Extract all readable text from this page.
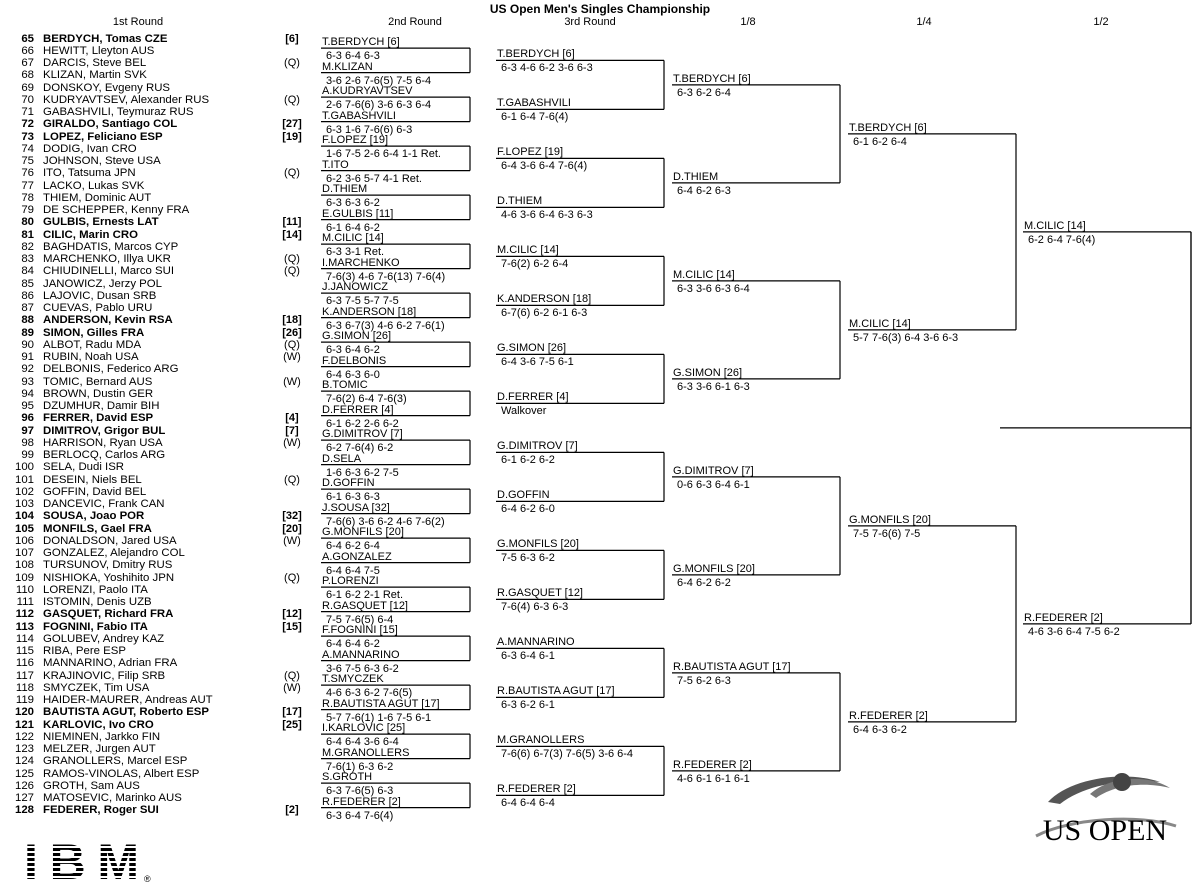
US Open Men's Singles Championship
1st Round	2nd Round	3rd Round	1/8	1/4	1/2
65 BERDYCH, Tomas CZE	[6]
66 HEWITT, Lleyton AUS
67 DARCIS, Steve BEL	(Q)
68 KLIZAN, Martin SVK
69 DONSKOY, Evgeny RUS
70 KUDRYAVTSEV, Alexander RUS	(Q)
71 GABASHVILI, Teymuraz RUS
72 GIRALDO, Santiago COL	[27]
73 LOPEZ, Feliciano ESP	[19]
74 DODIG, Ivan CRO
75 JOHNSON, Steve USA
76 ITO, Tatsuma JPN	(Q)
77 LACKO, Lukas SVK
78 THIEM, Dominic AUT
79 DE SCHEPPER, Kenny FRA
80 GULBIS, Ernests LAT	[11]
81 CILIC, Marin CRO	[14]
82 BAGHDATIS, Marcos CYP
83 MARCHENKO, Illya UKR	(Q)
84 CHIUDINELLI, Marco SUI	(Q)
85 JANOWICZ, Jerzy POL
86 LAJOVIC, Dusan SRB
87 CUEVAS, Pablo URU
88 ANDERSON, Kevin RSA	[18]
89 SIMON, Gilles FRA	[26]
90 ALBOT, Radu MDA	(Q)
91 RUBIN, Noah USA	(W)
92 DELBONIS, Federico ARG
93 TOMIC, Bernard AUS	(W)
94 BROWN, Dustin GER
95 DZUMHUR, Damir BIH
96 FERRER, David ESP	[4]
97 DIMITROV, Grigor BUL	[7]
98 HARRISON, Ryan USA	(W)
99 BERLOCQ, Carlos ARG
100 SELA, Dudi ISR
101 DESEIN, Niels BEL	(Q)
102 GOFFIN, David BEL
103 DANCEVIC, Frank CAN
104 SOUSA, Joao POR	[32]
105 MONFILS, Gael FRA	[20]
106 DONALDSON, Jared USA	(W)
107 GONZALEZ, Alejandro COL
108 TURSUNOV, Dmitry RUS
109 NISHIOKA, Yoshihito JPN	(Q)
110 LORENZI, Paolo ITA
111 ISTOMIN, Denis UZB
112 GASQUET, Richard FRA	[12]
113 FOGNINI, Fabio ITA	[15]
114 GOLUBEV, Andrey KAZ
115 RIBA, Pere ESP
116 MANNARINO, Adrian FRA
117 KRAJINOVIC, Filip SRB	(Q)
118 SMYCZEK, Tim USA	(W)
119 HAIDER-MAURER, Andreas AUT
120 BAUTISTA AGUT, Roberto ESP	[17]
121 KARLOVIC, Ivo CRO	[25]
122 NIEMINEN, Jarkko FIN
123 MELZER, Jurgen AUT
124 GRANOLLERS, Marcel ESP
125 RAMOS-VINOLAS, Albert ESP
126 GROTH, Sam AUS
127 MATOSEVIC, Marinko AUS
128 FEDERER, Roger SUI	[2]
T.BERDYCH [6]
6-3 6-4 6-3
M.KLIZAN
3-6 2-6 7-6(5) 7-5 6-4
A.KUDRYAVTSEV
2-6 7-6(6) 3-6 6-3 6-4
T.GABASHVILI
6-3 1-6 7-6(6) 6-3
F.LOPEZ [19]
1-6 7-5 2-6 6-4 1-1 Ret.
T.ITO
6-2 3-6 5-7 4-1 Ret.
D.THIEM
6-3 6-3 6-2
E.GULBIS [11]
6-1 6-4 6-2
M.CILIC [14]
6-3 3-1 Ret.
I.MARCHENKO
7-6(3) 4-6 7-6(13) 7-6(4)
J.JANOWICZ
6-3 7-5 5-7 7-5
K.ANDERSON [18]
6-3 6-7(3) 4-6 6-2 7-6(1)
G.SIMON [26]
6-3 6-4 6-2
F.DELBONIS
6-4 6-3 6-0
B.TOMIC
7-6(2) 6-4 7-6(3)
D.FERRER [4]
6-1 6-2 2-6 6-2
G.DIMITROV [7]
6-2 7-6(4) 6-2
D.SELA
1-6 6-3 6-2 7-5
D.GOFFIN
6-1 6-3 6-3
J.SOUSA [32]
7-6(6) 3-6 6-2 4-6 7-6(2)
G.MONFILS [20]
6-4 6-2 6-4
A.GONZALEZ
6-4 6-4 7-5
P.LORENZI
6-1 6-2 2-1 Ret.
R.GASQUET [12]
7-5 7-6(5) 6-4
F.FOGNINI [15]
6-4 6-4 6-2
A.MANNARINO
3-6 7-5 6-3 6-2
T.SMYCZEK
4-6 6-3 6-2 7-6(5)
R.BAUTISTA AGUT [17]
5-7 7-6(1) 1-6 7-5 6-1
I.KARLOVIC [25]
6-4 6-4 3-6 6-4
M.GRANOLLERS
7-6(1) 6-3 6-2
S.GROTH
6-3 7-6(5) 6-3
R.FEDERER [2]
6-3 6-4 7-6(4)
T.BERDYCH [6]
6-3 4-6 6-2 3-6 6-3
T.GABASHVILI
6-1 6-4 7-6(4)
F.LOPEZ [19]
6-4 3-6 6-4 7-6(4)
D.THIEM
4-6 3-6 6-4 6-3 6-3
M.CILIC [14]
7-6(2) 6-2 6-4
K.ANDERSON [18]
6-7(6) 6-2 6-1 6-3
G.SIMON [26]
6-4 3-6 7-5 6-1
D.FERRER [4]
Walkover
G.DIMITROV [7]
6-1 6-2 6-2
D.GOFFIN
6-4 6-2 6-0
G.MONFILS [20]
7-5 6-3 6-2
R.GASQUET [12]
7-6(4) 6-3 6-3
A.MANNARINO
6-3 6-4 6-1
R.BAUTISTA AGUT [17]
6-3 6-2 6-1
M.GRANOLLERS
7-6(6) 6-7(3) 7-6(5) 3-6 6-4
R.FEDERER [2]
6-4 6-4 6-4
T.BERDYCH [6]
6-3 6-2 6-4
D.THIEM
6-4 6-2 6-3
M.CILIC [14]
6-3 3-6 6-3 6-4
G.SIMON [26]
6-3 3-6 6-1 6-3
G.DIMITROV [7]
0-6 6-3 6-4 6-1
G.MONFILS [20]
6-4 6-2 6-2
R.BAUTISTA AGUT [17]
7-5 6-2 6-3
R.FEDERER [2]
4-6 6-1 6-1 6-1
T.BERDYCH [6]
6-1 6-2 6-4
M.CILIC [14]
5-7 7-6(3) 6-4 3-6 6-3
G.MONFILS [20]
7-5 7-6(6) 7-5
R.FEDERER [2]
6-4 6-3 6-2
M.CILIC [14]
6-2 6-4 7-6(4)
R.FEDERER [2]
4-6 3-6 6-4 7-5 6-2
IBM ®
US OPEN
